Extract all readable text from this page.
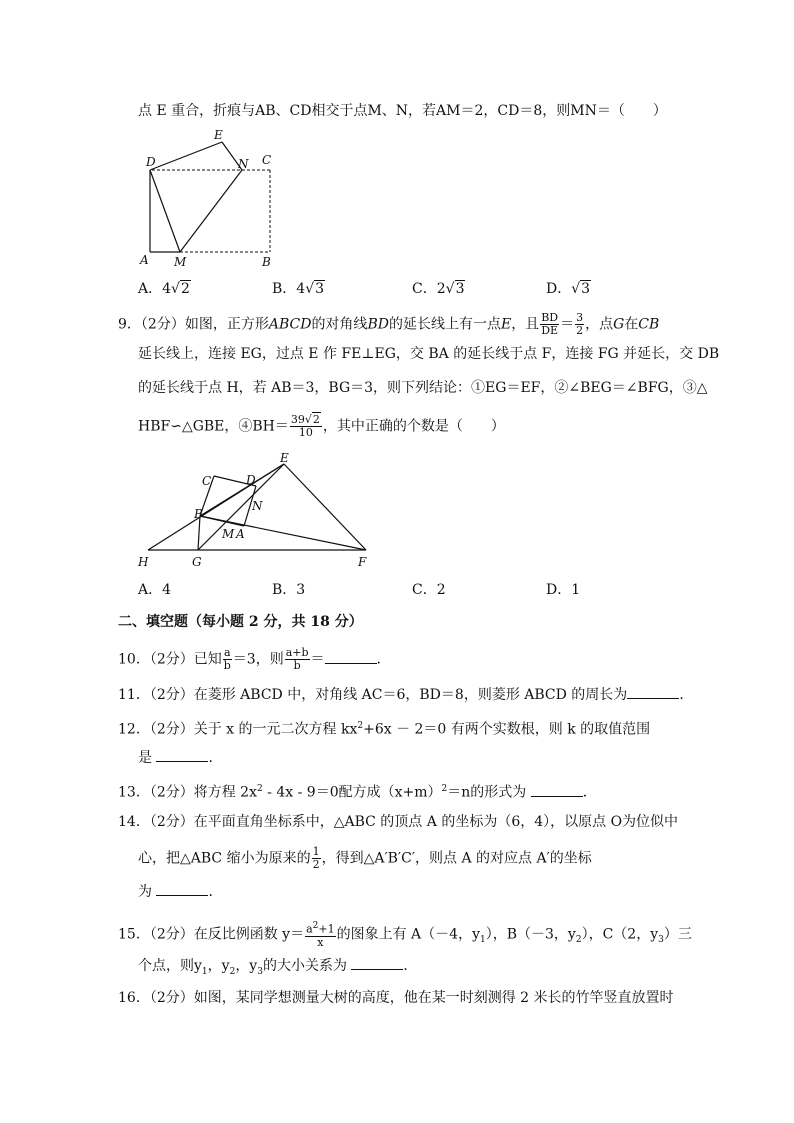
点 E 重合，折痕与AB、CD相交于点M、N，若AM＝2，CD＝8，则MN＝（　　）
E
D	N C
A M	B
A．4√2	B．4√3	C．2√3	D．√3
9．（2分）如图，正方形ABCD的对角线BD的延长线上有一点E，且 $\frac{BD}{DE} = \frac{3}{2}$ ，点G在CB
延长线上，连接 EG，过点 E 作 FE⊥EG，交 BA 的延长线于点 F，连接 FG 并延长，交 DB
的延长线于点 H，若 AB＝3，BG＝3，则下列结论：①EG＝EF，②∠BEG＝∠BFG，③△
HBF∽△GBE，④BH＝ $\frac{39√2}{10}$ ，其中正确的个数是（　　）
C	D
E
B
N
M A
H	G	F
A．4	B．3	C．2	D．1
二、填空题（每小题 2 分，共 18 分）
10．（2分）已知 $\frac{a}{b} =3$，则 $\frac{a+b}{b}$ ＝	．
11．（2分）在菱形 ABCD 中，对角线 AC＝6，BD＝8，则菱形 ABCD 的周长为	．
12．（2分）关于 x 的一元二次方程 $kx^2+6x - 2=0$ 有两个实数根，则 k 的取值范围
是	．
13．（2分）将方程 $2x^2 - 4x - 9=0$配方成$(x+m)^2=n$的形式为	．
14．（2分）在平面直角坐标系中，△ABC 的顶点 A 的坐标为（6，4），以原点 O为位似中
心，把△ABC 缩小为原来的 $\frac{1}{2}$ ，得到△A′B′C′，则点 A 的对应点 A′的坐标
为	．
15．（2分）在反比例函数 $y= \frac{a^2+1}{x}$ 的图象上有 A（－4，$y_1$），B（－3，$y_2$），C（2，$y_3$）三
个点，则$y_1$，$y_2$，$y_3$的大小关系为	．
16．（2分）如图，某同学想测量大树的高度，他在某一时刻测得 2 米长的竹竿竖直放置时
